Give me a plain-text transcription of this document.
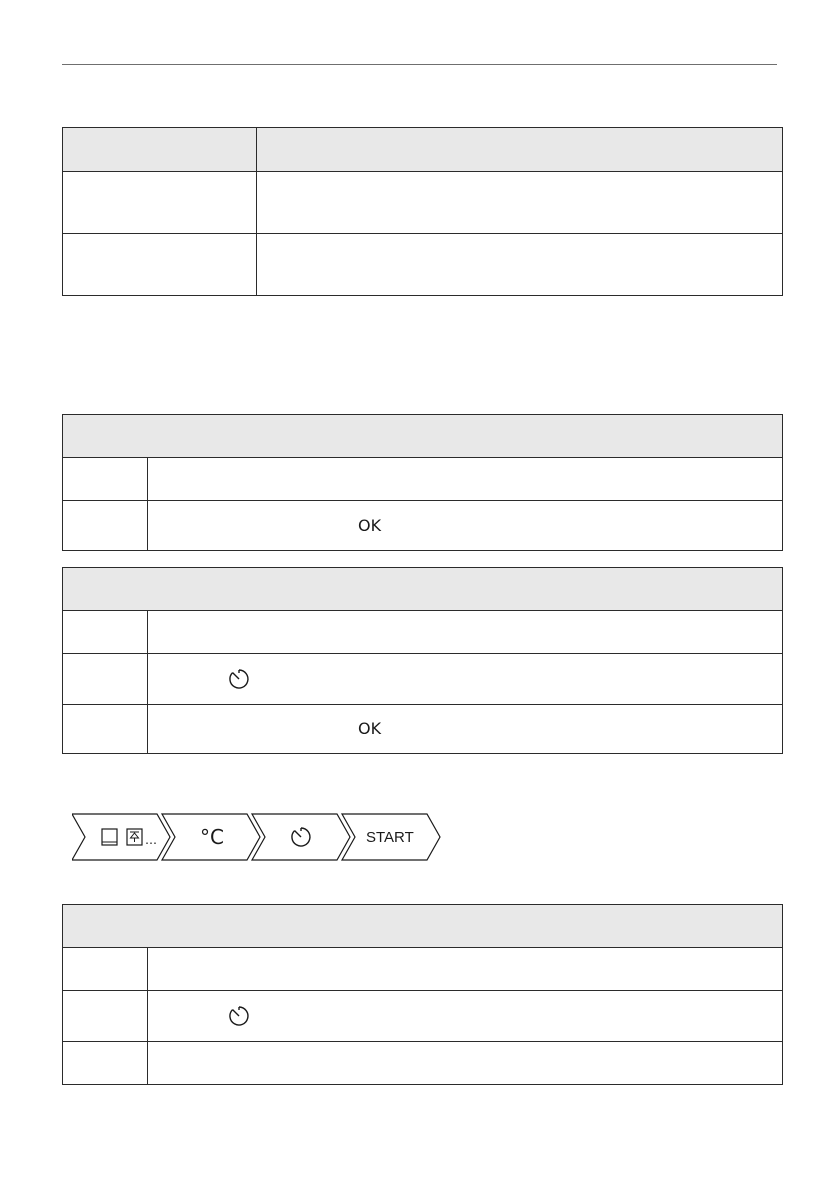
	OK

	OK
… °C	START
